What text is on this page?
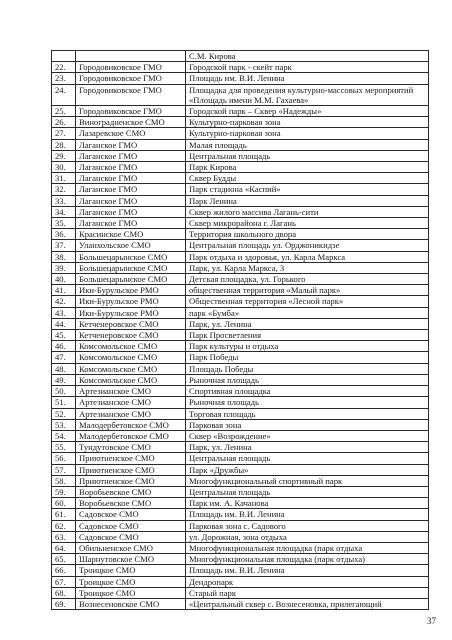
		С.М. Кирова
22.	Городовиковское ГМО	Городской парк - скейт парк
23.	Городовиковское ГМО	Площадь им. В.И. Ленина
24.	Городовиковское ГМО	Площадка для проведения культурно-массовых мероприятий «Площадь имени М.М. Гахаева»
25.	Городовиковское ГМО	Городской парк – Сквер «Надежды»
26.	Виноградненское СМО	Культурно-парковая зона
27.	Лазаревское СМО	Культурно-парковая зона
28.	Лаганское ГМО	Малая площадь
29.	Лаганское ГМО	Центральная площадь
30.	Лаганское ГМО	Парк Кирова
31.	Лаганское ГМО	Сквер Будды
32.	Лаганское ГМО	Парк стадиона «Каспий»
33.	Лаганское ГМО	Парк Ленина
34.	Лаганское ГМО	Сквер жилого массива Лагань-сити
35.	Лаганское ГМО	Сквер микрорайона г. Лагань
36.	Красинское СМО	Территория школьного двора
37.	Уланхольское СМО	Центральная площадь ул. Орджоникидзе
38.	Большецарынское СМО	Парк отдыха и здоровья, ул. Карла Маркса
39.	Большецарынское СМО	Парк, ул. Карла Маркса, 3
40.	Большецарынское СМО	Детская площадка, ул. Горького
41.	Ики-Бурульское РМО	общественная территория «Малый парк»
42.	Ики-Бурульское РМО	Общественная территория «Лесной парк»
43.	Ики-Бурульское РМО	парк «Бумба»
44.	Кетченеровское СМО	Парк, ул. Ленина
45.	Кетченеровское СМО	Парк Просветления
46.	Комсомольское СМО	Парк культуры и отдыха
47.	Комсомольское СМО	Парк Победы
48.	Комсомольское СМО	Площадь Победы
49.	Комсомольское СМО	Рыночная площадь
50.	Артезианское СМО	Спортивная площадка
51.	Артезианское СМО	Рыночная площадь
52.	Артезианское СМО	Торговая площадь
53.	Малодербетовское СМО	Парковая зона
54.	Малодербетовское СМО	Сквер «Возрождение»
55.	Тундутовское СМО	Парк, ул. Ленина
56.	Приютненское СМО	Центральная площадь
57.	Приютненское СМО	Парк «Дружбы»
58.	Приютненское СМО	Многофункциональный спортивный парк
59.	Воробьевское СМО	Центральная площадь
60.	Воробьевское СМО	Парк им. А. Качанова
61.	Садовское СМО	Площадь им. В.И. Ленина
62.	Садовское СМО	Парковая зона с. Садового
63.	Садовское СМО	ул. Дорожная, зона отдыха
64.	Обильненское СМО	Многофункциональная площадка (парк отдыха
65.	Шарнутовское СМО	Многофункциональная площадка (парк отдыха)
66.	Троицкое СМО	Площадь им. В.И. Ленина
67.	Троицкое СМО	Дендропарк
68.	Троицкое СМО	Старый парк
69.	Вознесеновское СМО	«Центральный сквер с. Вознесеновка, прилегающий
37
